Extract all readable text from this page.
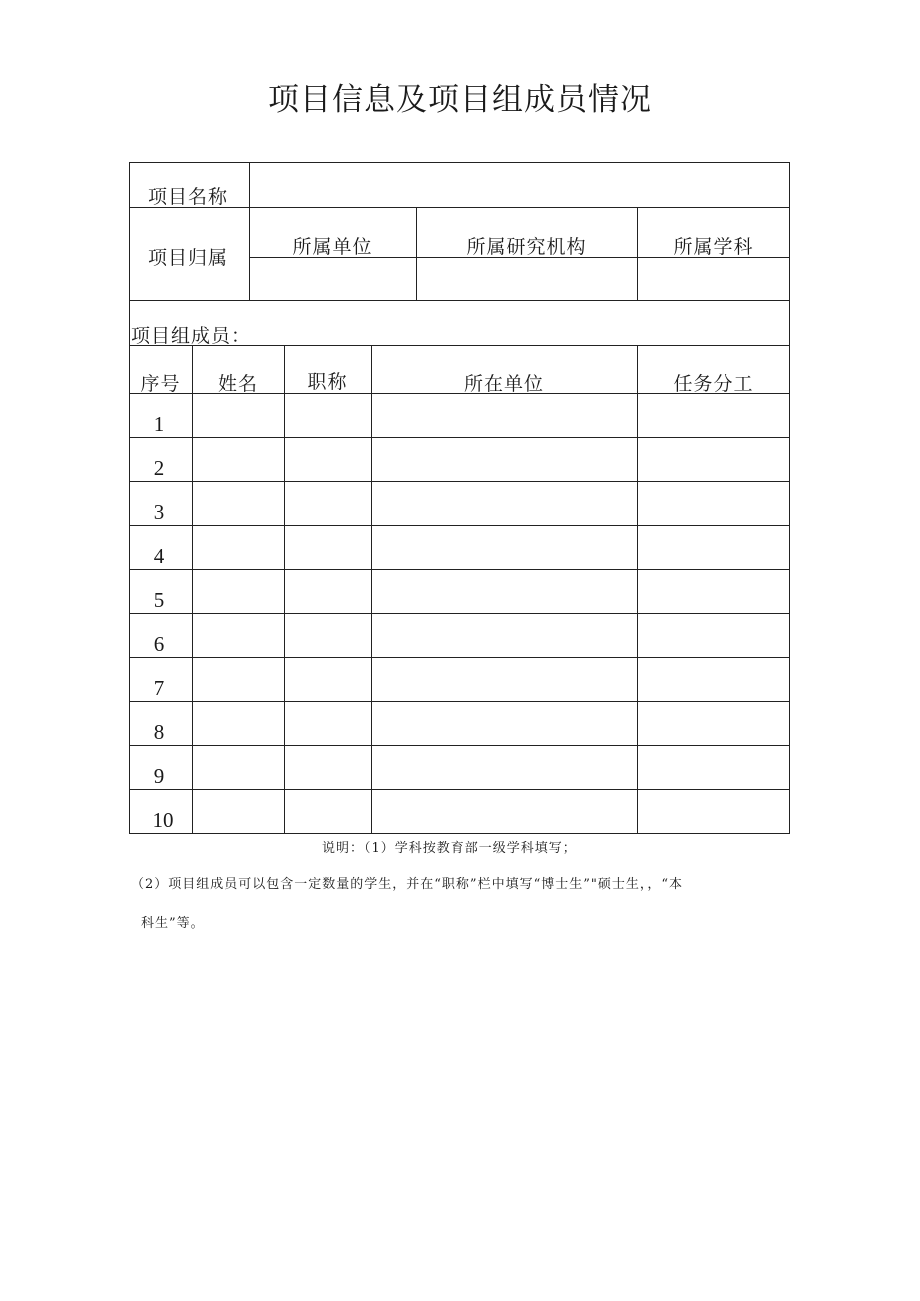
项目信息及项目组成员情况
项目名称
项目归属	所属单位	所属研究机构	所属学科
项目组成员：
序号	姓名	职称	所在单位	任务分工
1
2
3
4
5
6
7
8
9
10
说明：（1）学科按教育部一级学科填写；
（2）项目组成员可以包含一定数量的学生，并在“职称”栏中填写“博士生”"硕士生，，“本
科生”等。
